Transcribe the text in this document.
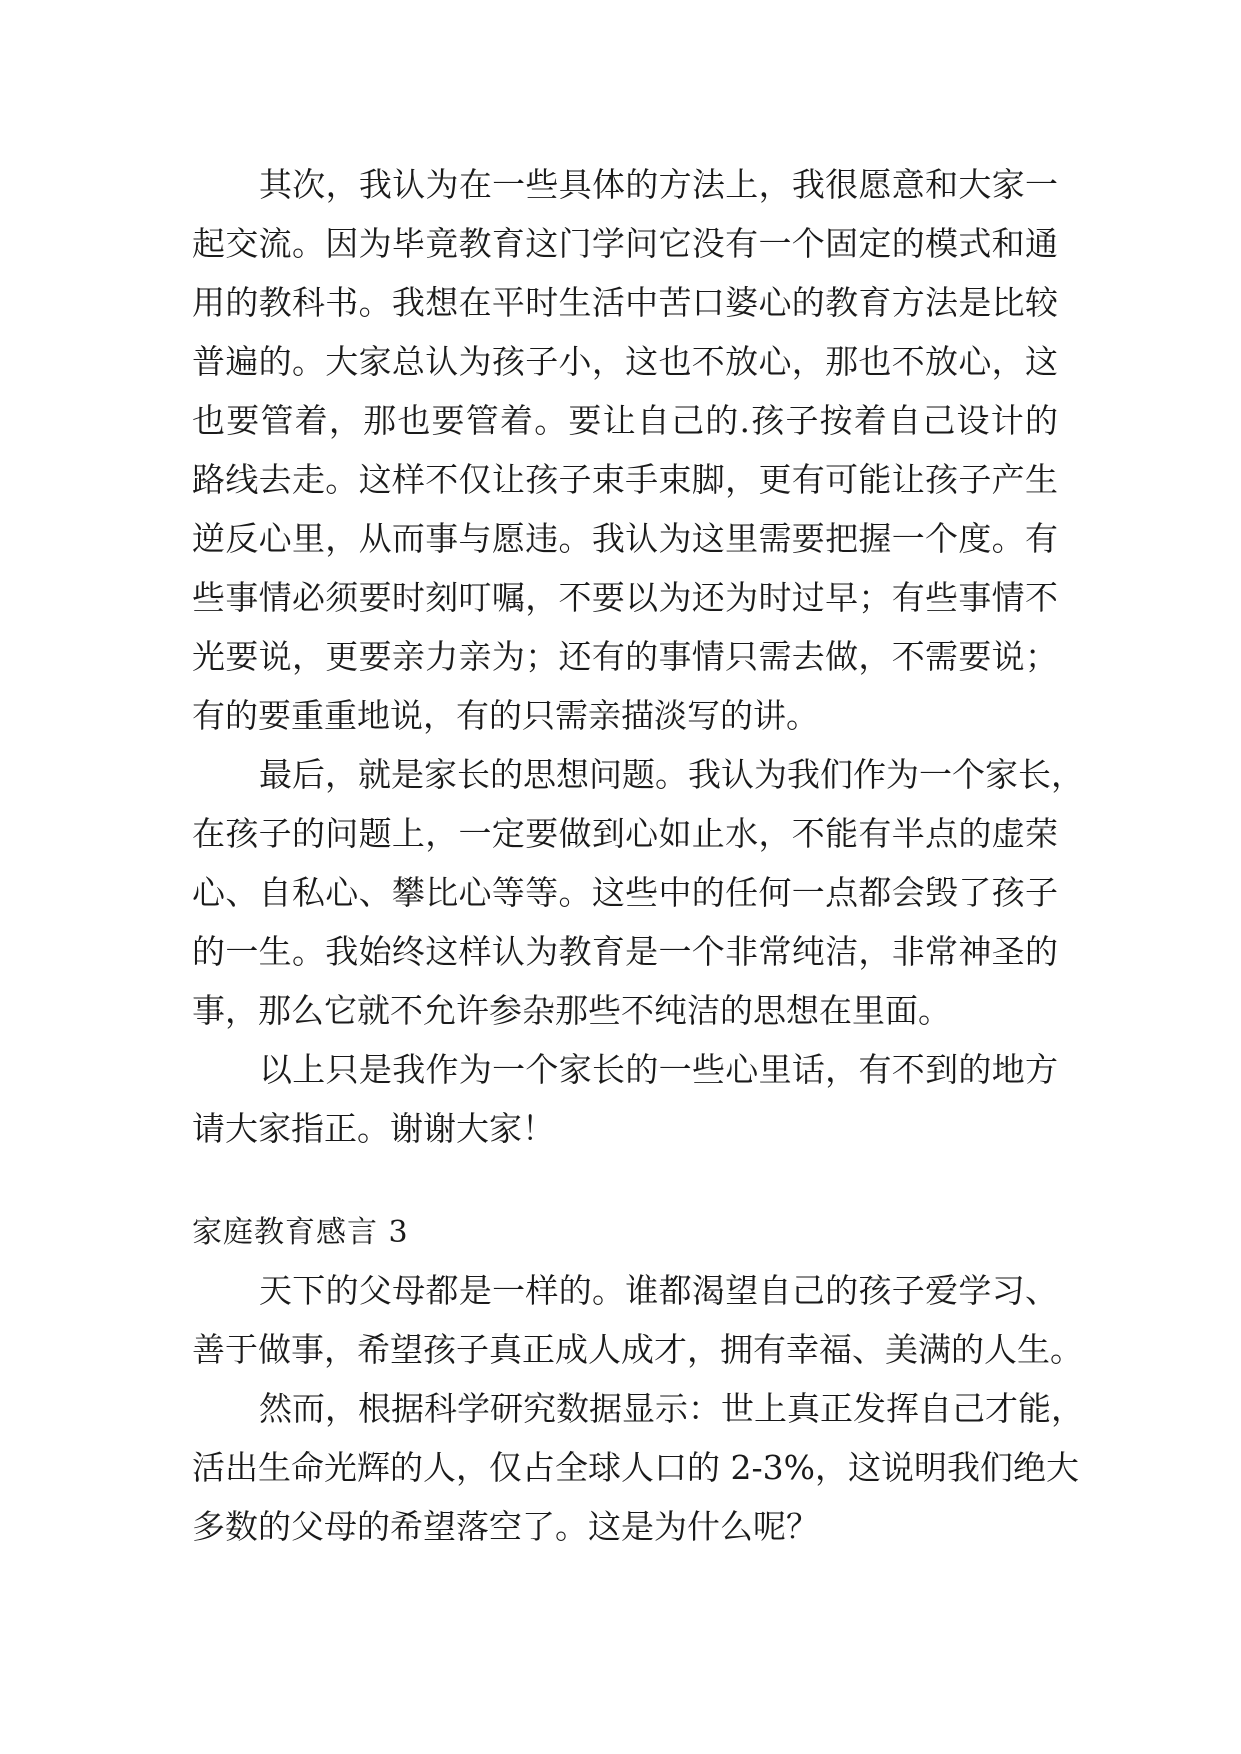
其次，我认为在一些具体的方法上，我很愿意和大家一

起交流。因为毕竟教育这门学问它没有一个固定的模式和通

用的教科书。我想在平时生活中苦口婆心的教育方法是比较

普遍的。大家总认为孩子小，这也不放心，那也不放心，这

也要管着，那也要管着。要让自己的.孩子按着自己设计的

路线去走。这样不仅让孩子束手束脚，更有可能让孩子产生

逆反心里，从而事与愿违。我认为这里需要把握一个度。有

些事情必须要时刻叮嘱，不要以为还为时过早；有些事情不

光要说，更要亲力亲为；还有的事情只需去做，不需要说；

有的要重重地说，有的只需亲描淡写的讲。

最后，就是家长的思想问题。我认为我们作为一个家长，

在孩子的问题上，一定要做到心如止水，不能有半点的虚荣

心、自私心、攀比心等等。这些中的任何一点都会毁了孩子

的一生。我始终这样认为教育是一个非常纯洁，非常神圣的

事，那么它就不允许参杂那些不纯洁的思想在里面。

以上只是我作为一个家长的一些心里话，有不到的地方

请大家指正。谢谢大家！

家庭教育感言 3

天下的父母都是一样的。谁都渴望自己的孩子爱学习、

善于做事，希望孩子真正成人成才，拥有幸福、美满的人生。

然而，根据科学研究数据显示：世上真正发挥自己才能，

活出生命光辉的人，仅占全球人口的 2-3%，这说明我们绝大

多数的父母的希望落空了。这是为什么呢？
